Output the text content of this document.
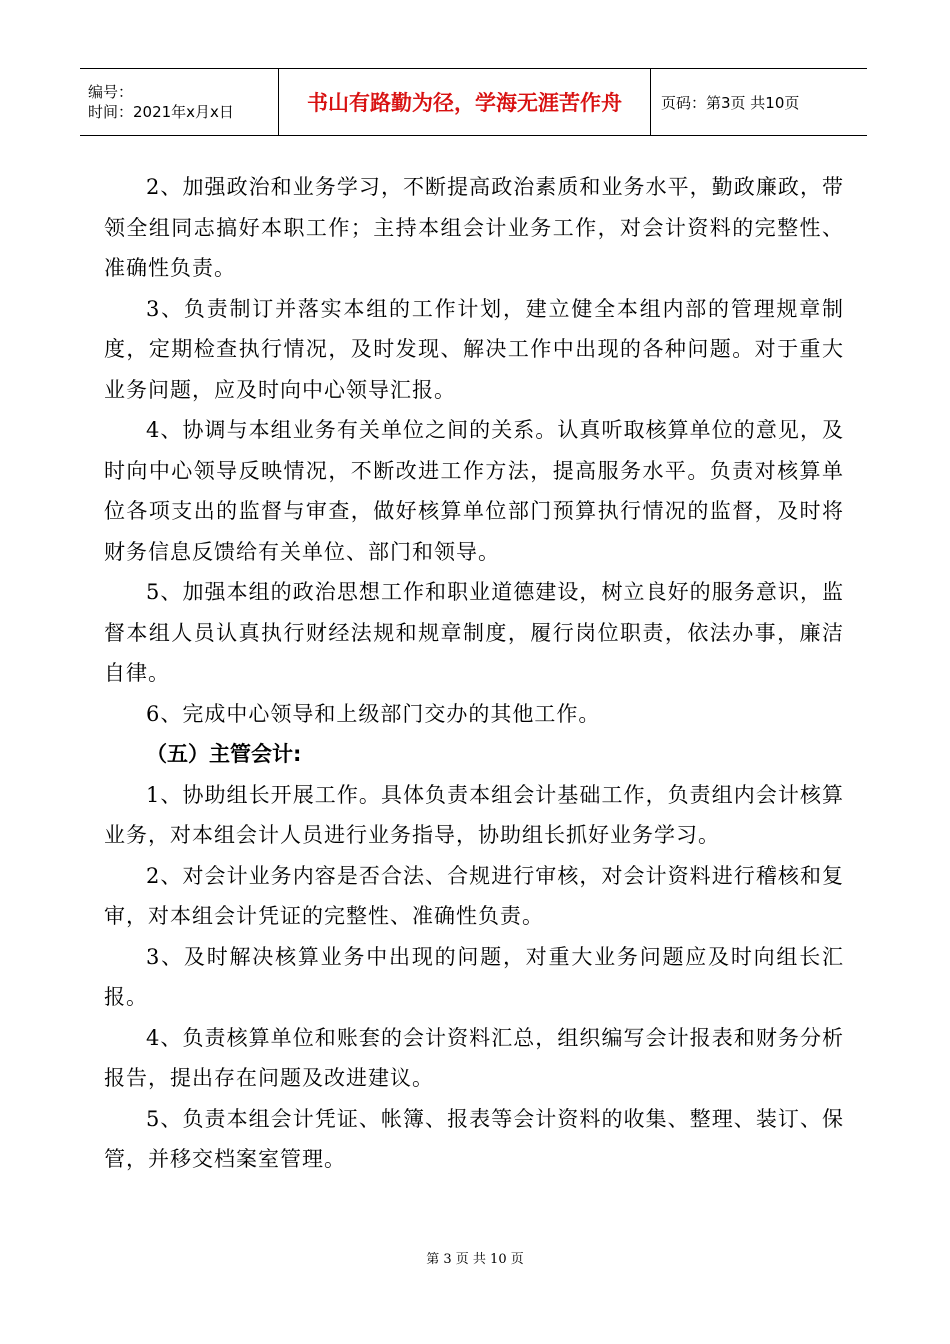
编号：
时间：2021年x月x日	书山有路勤为径，学海无涯苦作舟	页码：第3页 共10页

2、加强政治和业务学习，不断提高政治素质和业务水平，勤政廉政，带领全组同志搞好本职工作；主持本组会计业务工作，对会计资料的完整性、准确性负责。

3、负责制订并落实本组的工作计划，建立健全本组内部的管理规章制度，定期检查执行情况，及时发现、解决工作中出现的各种问题。对于重大业务问题，应及时向中心领导汇报。

4、协调与本组业务有关单位之间的关系。认真听取核算单位的意见，及时向中心领导反映情况，不断改进工作方法，提高服务水平。负责对核算单位各项支出的监督与审查，做好核算单位部门预算执行情况的监督，及时将财务信息反馈给有关单位、部门和领导。

5、加强本组的政治思想工作和职业道德建设，树立良好的服务意识，监督本组人员认真执行财经法规和规章制度，履行岗位职责，依法办事，廉洁自律。

6、完成中心领导和上级部门交办的其他工作。

（五）主管会计:

1、协助组长开展工作。具体负责本组会计基础工作，负责组内会计核算业务，对本组会计人员进行业务指导，协助组长抓好业务学习。

2、对会计业务内容是否合法、合规进行审核，对会计资料进行稽核和复审，对本组会计凭证的完整性、准确性负责。

3、及时解决核算业务中出现的问题，对重大业务问题应及时向组长汇报。

4、负责核算单位和账套的会计资料汇总，组织编写会计报表和财务分析报告，提出存在问题及改进建议。

5、负责本组会计凭证、帐簿、报表等会计资料的收集、整理、装订、保管，并移交档案室管理。

第 3 页 共 10 页
